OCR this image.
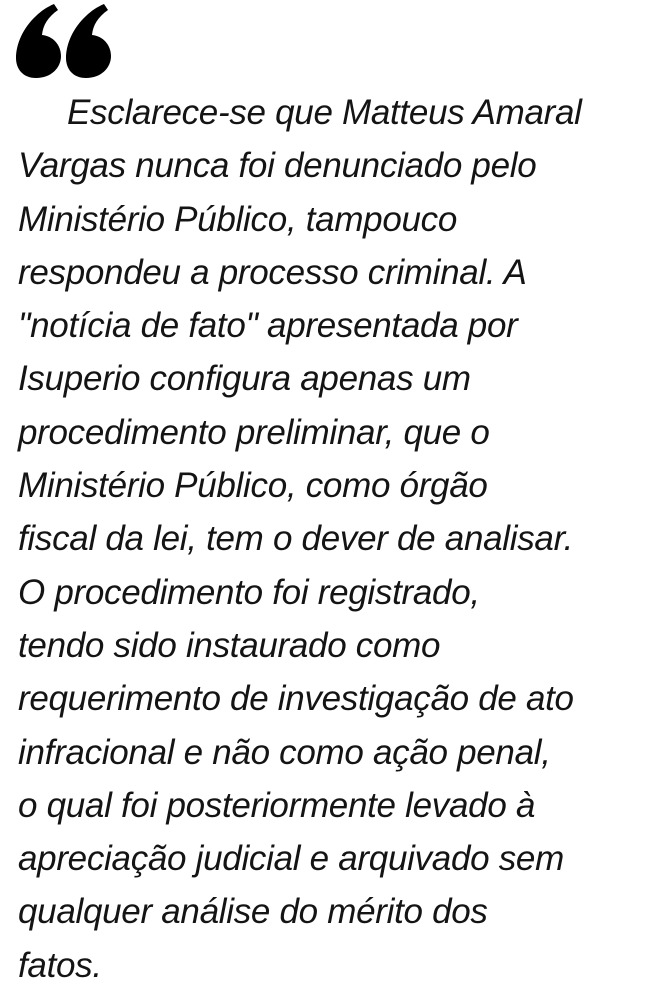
Esclarece-se que Matteus Amaral
Vargas nunca foi denunciado pelo
Ministério Público, tampouco
respondeu a processo criminal. A
"notícia de fato" apresentada por
Isuperio configura apenas um
procedimento preliminar, que o
Ministério Público, como órgão
fiscal da lei, tem o dever de analisar.
O procedimento foi registrado,
tendo sido instaurado como
requerimento de investigação de ato
infracional e não como ação penal,
o qual foi posteriormente levado à
apreciação judicial e arquivado sem
qualquer análise do mérito dos
fatos.
